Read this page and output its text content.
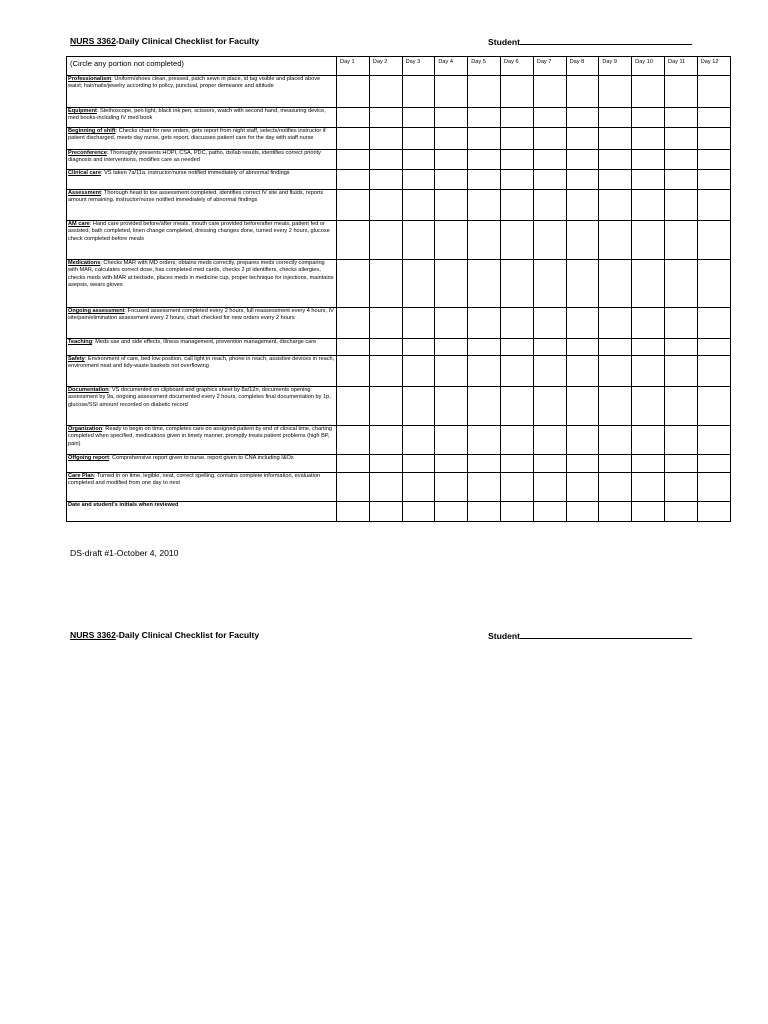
NURS 3362-Daily Clinical Checklist for Faculty	Student
(Circle any portion not completed)	Day 1	Day 2	Day 3	Day 4	Day 5	Day 6	Day 7	Day 8	Day 9	Day 10	Day 11	Day 12
Professionalism: Uniform/shoes clean, pressed, patch sewn in place, id tag visible and placed above waist; hair/nails/jewelry according to policy, punctual, proper demeanor and attitude												
Equipment: Stethoscope, pen light, black ink pen, scissors, watch with second hand, measuring device, med books-including IV med book												
Beginning of shift: Checks chart for new orders, gets report from night staff, selects/notifies instructor if patient discharged, meets day nurse, gets report, discusses patient care for the day with staff nurse												
Preconference: Thoroughly presents HOPI, CSA, PDC, patho, dx/lab results, identifies correct priority diagnosis and interventions, modifies care as needed												
Clinical care: VS taken 7a/11a, instructor/nurse notified immediately of abnormal findings												
Assessment: Thorough head to toe assessment completed, identifies correct IV site and fluids, reports amount remaining, instructor/nurse notified immediately of abnormal findings												
AM care: Hand care provided before/after meals, mouth care provided before/after meals, patient fed or assisted, bath completed, linen change completed, dressing changes done, turned every 2 hours, glucose check completed before meals												
Medications: Checks MAR with MD orders, obtains meds correctly, prepares meds correctly comparing with MAR, calculates correct dose, has completed med cards, checks 2 pt identifiers, checks allergies, checks meds with MAR at bedside, places meds in medicine cup, proper technique for injections, maintains asepsis, wears gloves												
Ongoing assessment: Focused assessment completed every 2 hours, full reassessment every 4 hours, IV site/pain/elimination assessment every 2 hours, chart checked for new orders every 2 hours												
Teaching: Meds use and side effects, illness management, prevention management, discharge care												
Safety: Environment of care, bed low position, call light in reach, phone in reach, assistive devices in reach, environment neat and tidy-waste baskets not overflowing												
Documentation: VS documented on clipboard and graphics sheet by 8a/12n, documents opening assessment by 9a, ongoing assessment documented every 2 hours, completes final documentation by 1p, glucose/SSI amount recorded on diabetic record												
Organization: Ready to begin on time, completes care on assigned patient by end of clinical time, charting completed when specified, medications given in timely manner, promptly treats patient problems (high BP, pain)												
Offgoing report: Comprehensive report given to nurse, report given to CNA including I&Os												
Care Plan: Turned in on time, legible, neat, correct spelling, contains complete information, evaluation completed and modified from one day to next												
Date and student's initials when reviewed												
DS-draft #1-October 4, 2010
NURS 3362-Daily Clinical Checklist for Faculty	Student
